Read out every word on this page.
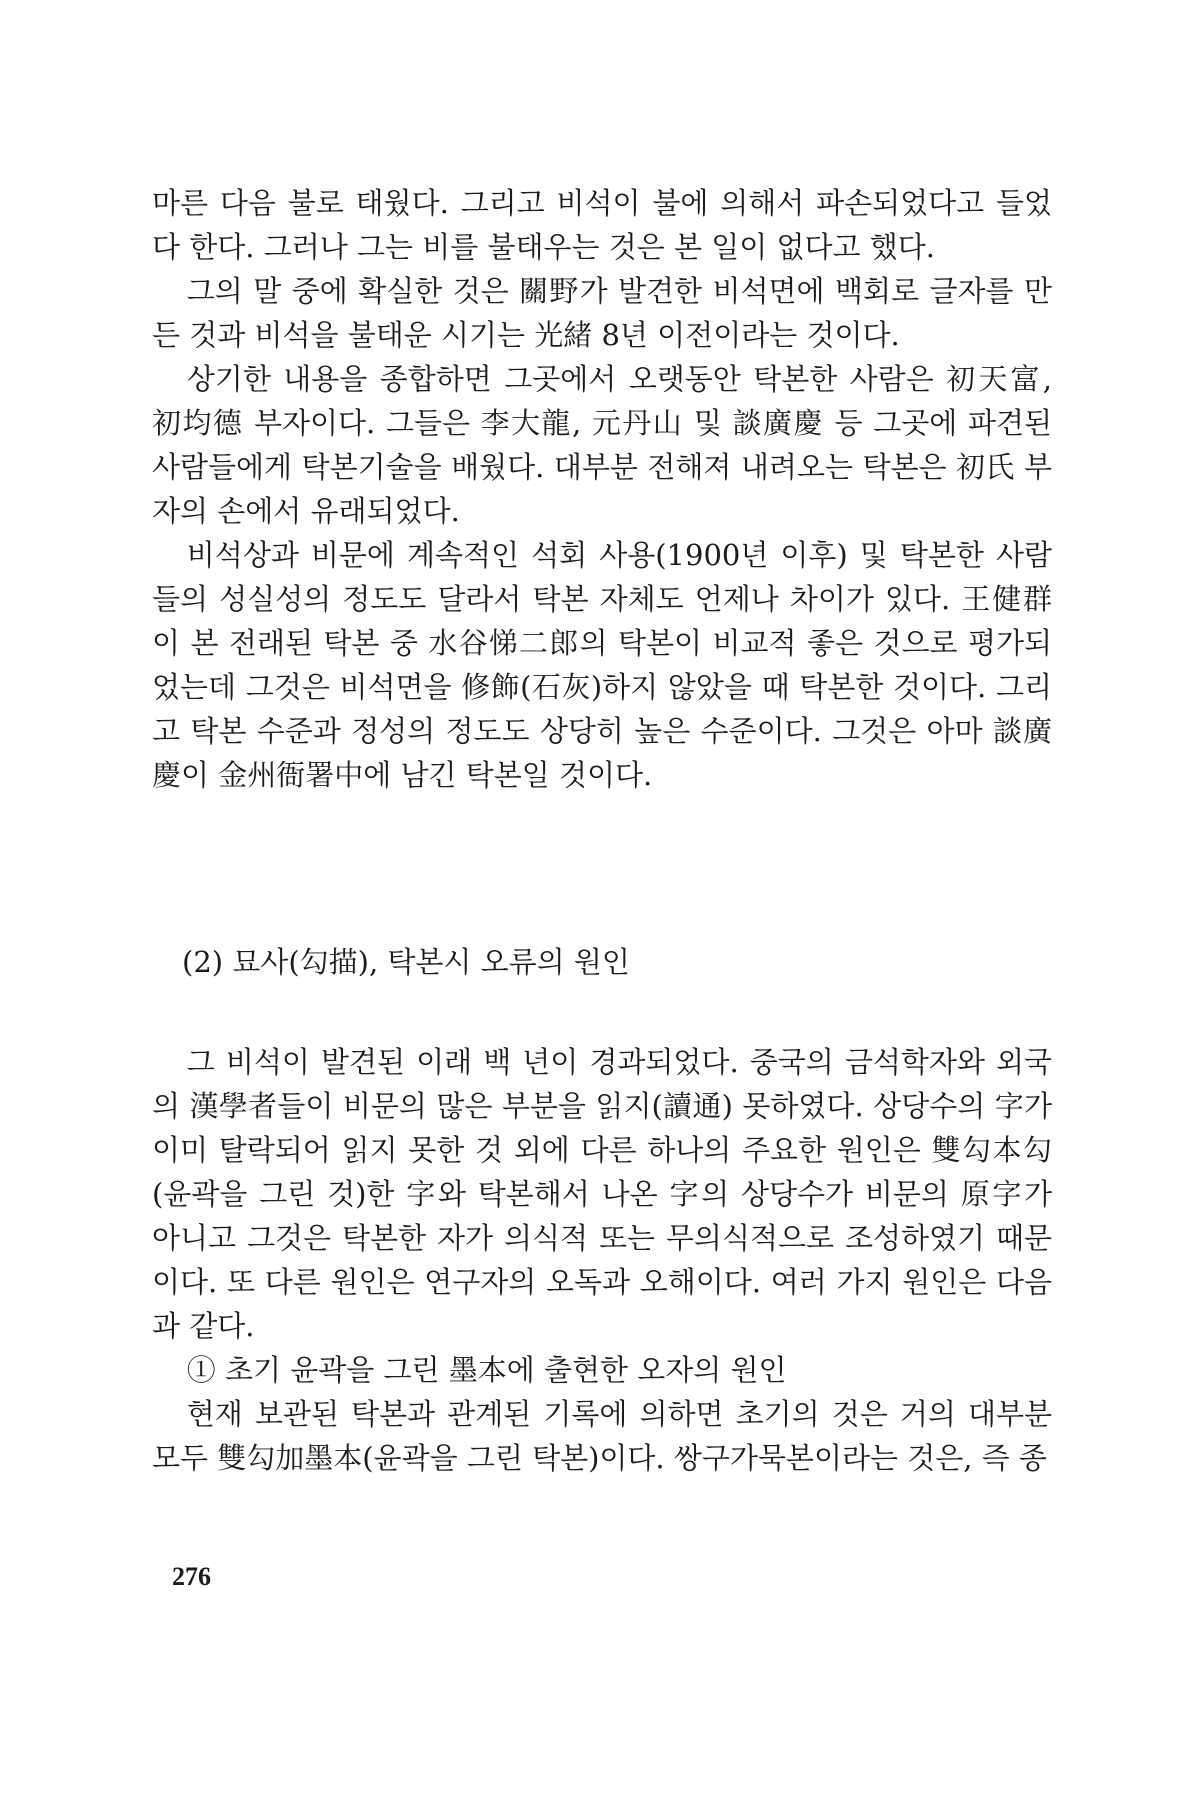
마른 다음 불로 태웠다. 그리고 비석이 불에 의해서 파손되었다고 들었다 한다. 그러나 그는 비를 불태우는 것은 본 일이 없다고 했다.

그의 말 중에 확실한 것은 關野가 발견한 비석면에 백회로 글자를 만든 것과 비석을 불태운 시기는 光緒 8년 이전이라는 것이다.

상기한 내용을 종합하면 그곳에서 오랫동안 탁본한 사람은 初天富, 初均德 부자이다. 그들은 李大龍, 元丹山 및 談廣慶 등 그곳에 파견된 사람들에게 탁본기술을 배웠다. 대부분 전해져 내려오는 탁본은 初氏 부자의 손에서 유래되었다.

비석상과 비문에 계속적인 석회 사용(1900년 이후) 및 탁본한 사람들의 성실성의 정도도 달라서 탁본 자체도 언제나 차이가 있다. 王健群이 본 전래된 탁본 중 水谷悌二郎의 탁본이 비교적 좋은 것으로 평가되었는데 그것은 비석면을 修飾(石灰)하지 않았을 때 탁본한 것이다. 그리고 탁본 수준과 정성의 정도도 상당히 높은 수준이다. 그것은 아마 談廣慶이 金州衙署中에 남긴 탁본일 것이다.

(2) 묘사(勾描), 탁본시 오류의 원인

그 비석이 발견된 이래 백 년이 경과되었다. 중국의 금석학자와 외국의 漢學者들이 비문의 많은 부분을 읽지(讀通) 못하였다. 상당수의 字가 이미 탈락되어 읽지 못한 것 외에 다른 하나의 주요한 원인은 雙勾本勾(윤곽을 그린 것)한 字와 탁본해서 나온 字의 상당수가 비문의 原字가 아니고 그것은 탁본한 자가 의식적 또는 무의식적으로 조성하였기 때문이다. 또 다른 원인은 연구자의 오독과 오해이다. 여러 가지 원인은 다음과 같다.

① 초기 윤곽을 그린 墨本에 출현한 오자의 원인

현재 보관된 탁본과 관계된 기록에 의하면 초기의 것은 거의 대부분 모두 雙勾加墨本(윤곽을 그린 탁본)이다. 쌍구가묵본이라는 것은, 즉 종

276
